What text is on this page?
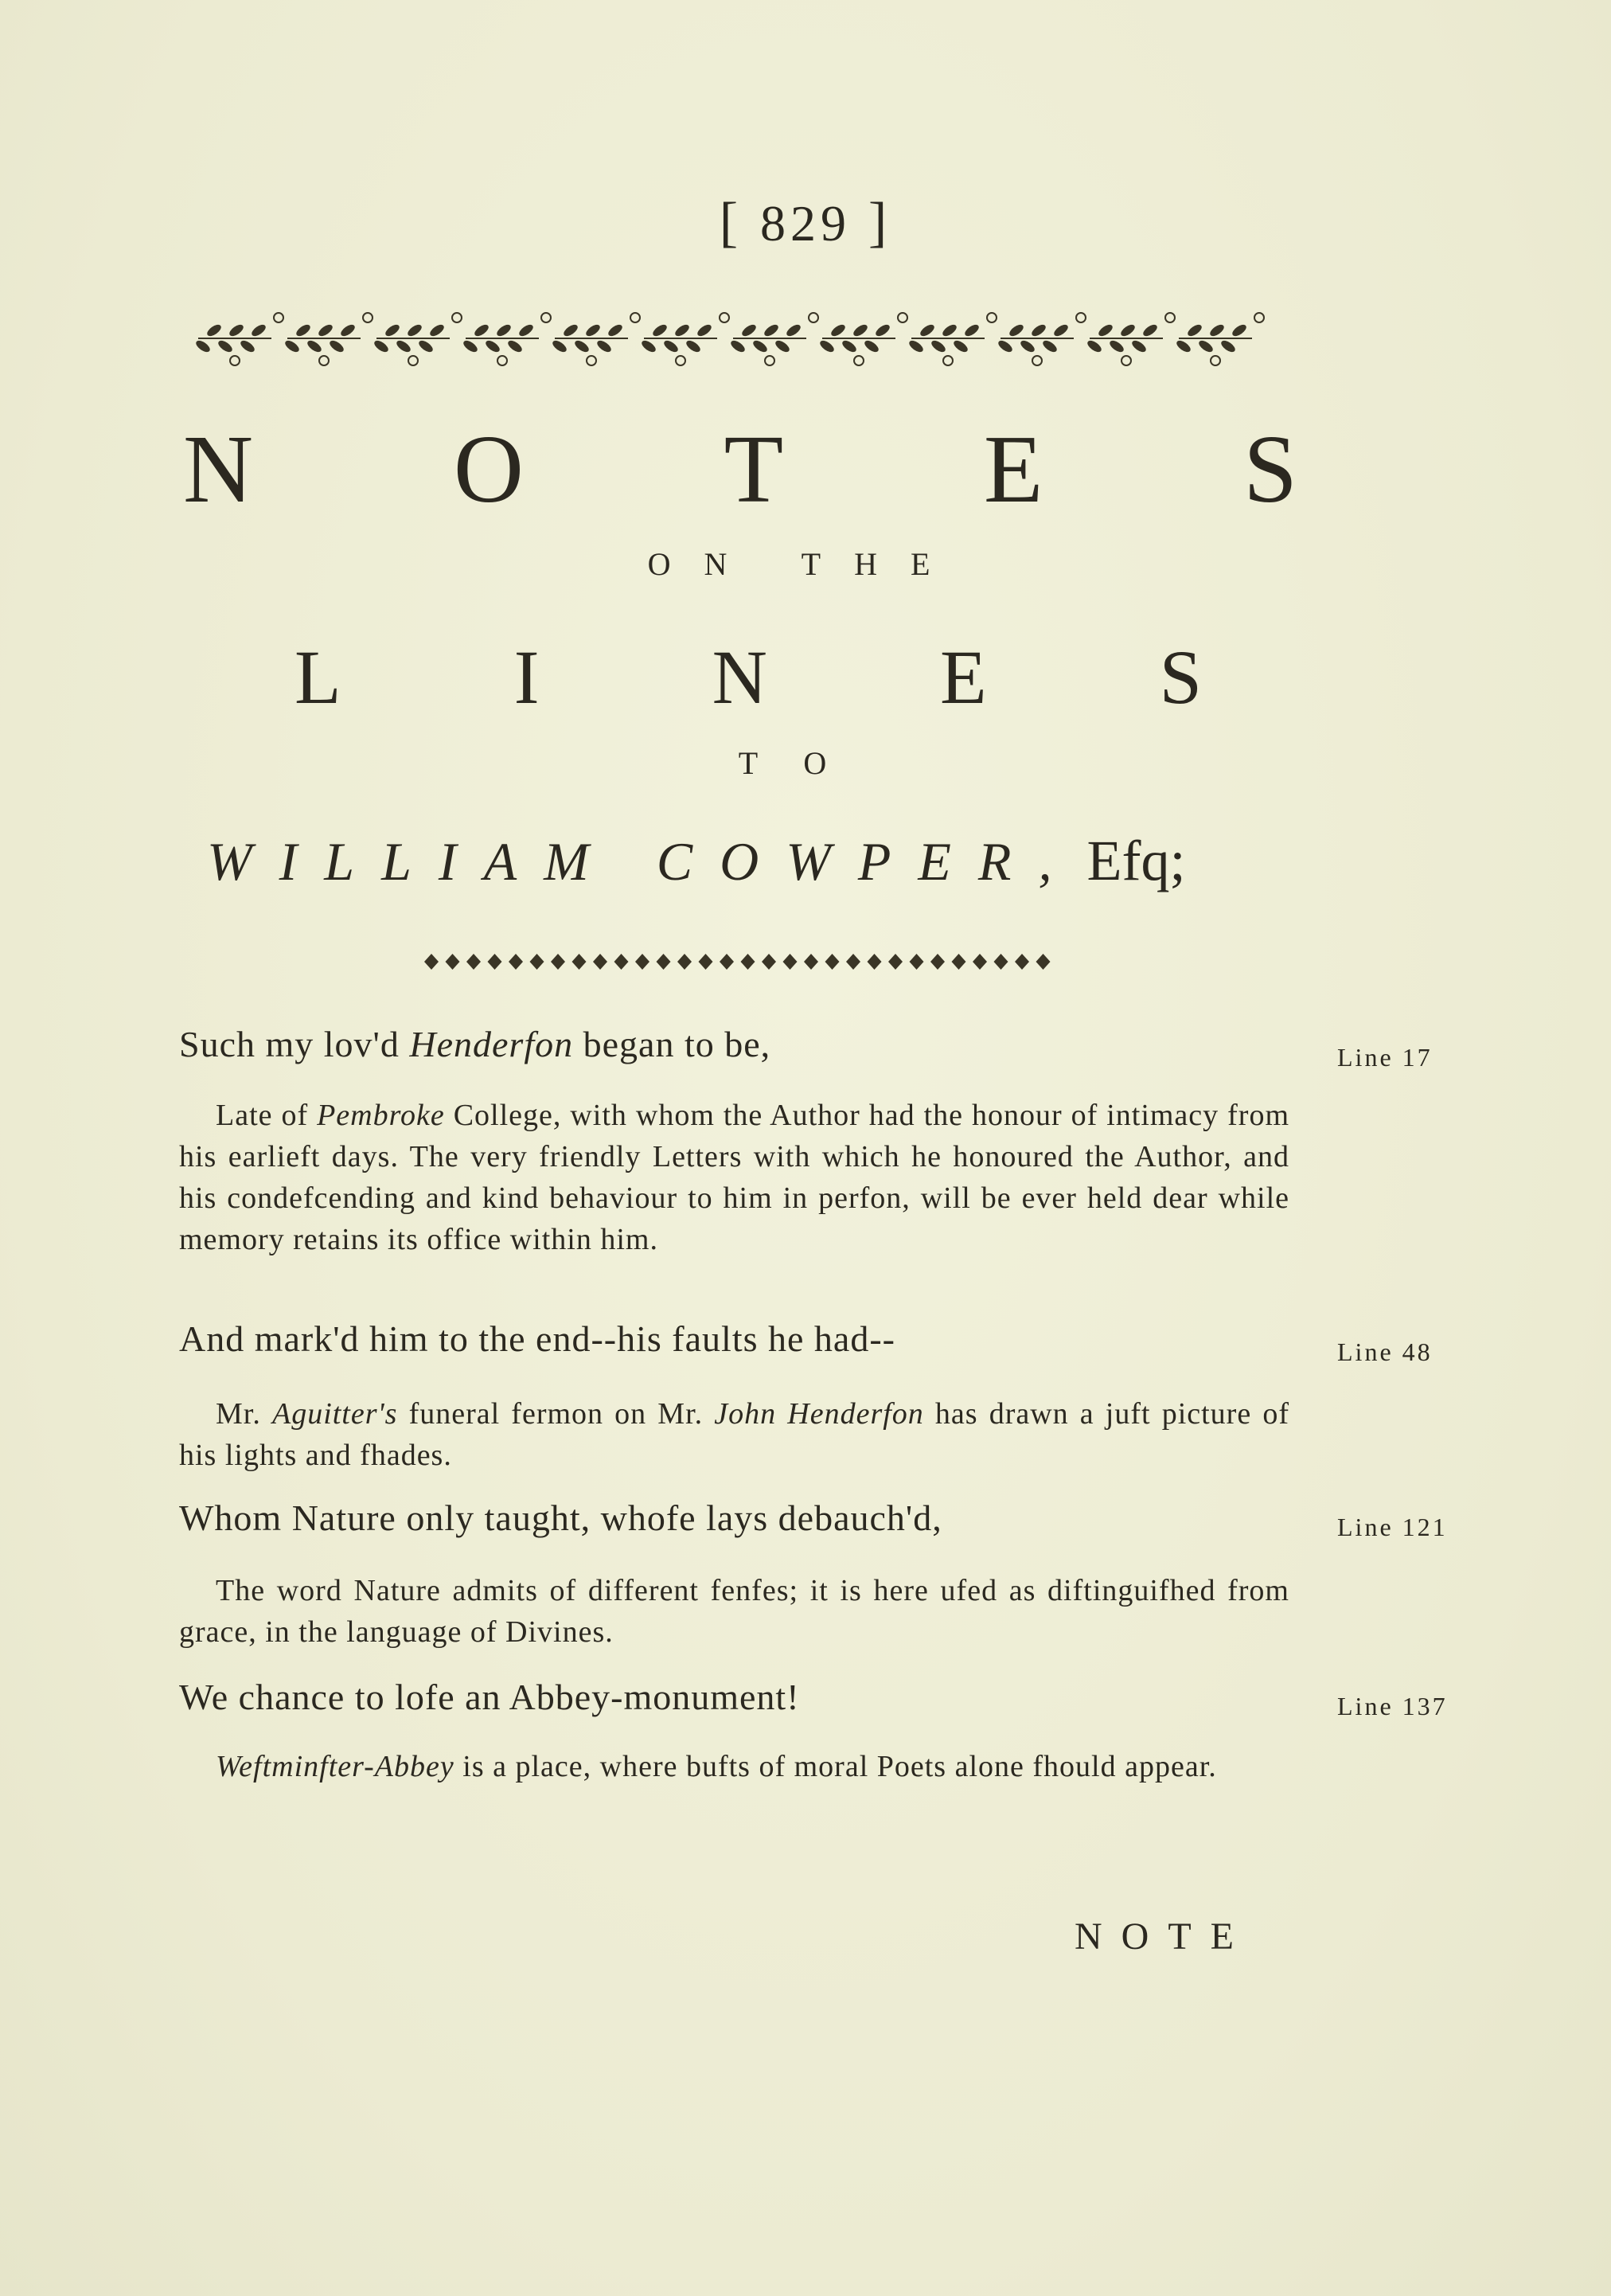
[ 829 ]
N O T E S
ON THE
L I N E S
TO
WILLIAM COWPER, Efq;
Such my lov'd Henderfon began to be,	Line 17
Late of Pembroke College, with whom the Author had the honour of intimacy from his earlieft days. The very friendly Letters with which he honoured the Author, and his condefcending and kind behaviour to him in perfon, will be ever held dear while memory retains its office within him.
And mark'd him to the end--his faults he had--	Line 48
Mr. Aguitter's funeral fermon on Mr. John Henderfon has drawn a juft picture of his lights and fhades.
Whom Nature only taught, whofe lays debauch'd,	Line 121
The word Nature admits of different fenfes; it is here ufed as diftinguifhed from grace, in the language of Divines.
We chance to lofe an Abbey-monument!	Line 137
Weftminfter-Abbey is a place, where bufts of moral Poets alone fhould appear.
NOTE
